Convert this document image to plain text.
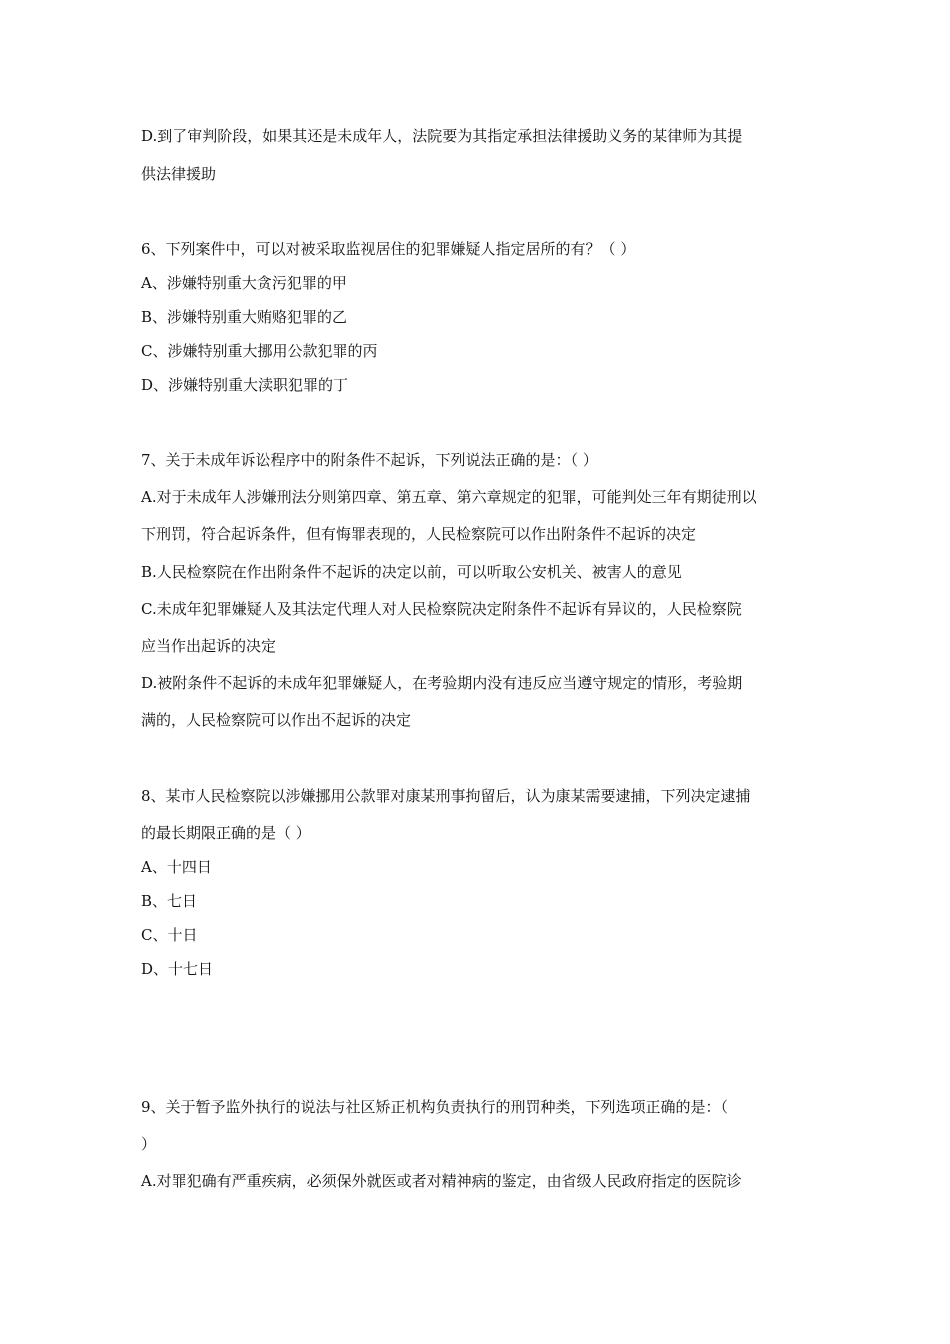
D.到了审判阶段，如果其还是未成年人，法院要为其指定承担法律援助义务的某律师为其提
供法律援助
6、下列案件中，可以对被采取监视居住的犯罪嫌疑人指定居所的有？（ ）
A、涉嫌特别重大贪污犯罪的甲
B、涉嫌特别重大贿赂犯罪的乙
C、涉嫌特别重大挪用公款犯罪的丙
D、涉嫌特别重大渎职犯罪的丁
7、关于未成年诉讼程序中的附条件不起诉，下列说法正确的是：（ ）
A.对于未成年人涉嫌刑法分则第四章、第五章、第六章规定的犯罪，可能判处三年有期徒刑以
下刑罚，符合起诉条件，但有悔罪表现的，人民检察院可以作出附条件不起诉的决定
B.人民检察院在作出附条件不起诉的决定以前，可以听取公安机关、被害人的意见
C.未成年犯罪嫌疑人及其法定代理人对人民检察院决定附条件不起诉有异议的，人民检察院
应当作出起诉的决定
D.被附条件不起诉的未成年犯罪嫌疑人，在考验期内没有违反应当遵守规定的情形，考验期
满的，人民检察院可以作出不起诉的决定
8、某市人民检察院以涉嫌挪用公款罪对康某刑事拘留后，认为康某需要逮捕，下列决定逮捕
的最长期限正确的是（ ）
A、十四日
B、七日
C、十日
D、十七日
9、关于暂予监外执行的说法与社区矫正机构负责执行的刑罚种类，下列选项正确的是：（
）
A.对罪犯确有严重疾病，必须保外就医或者对精神病的鉴定，由省级人民政府指定的医院诊
